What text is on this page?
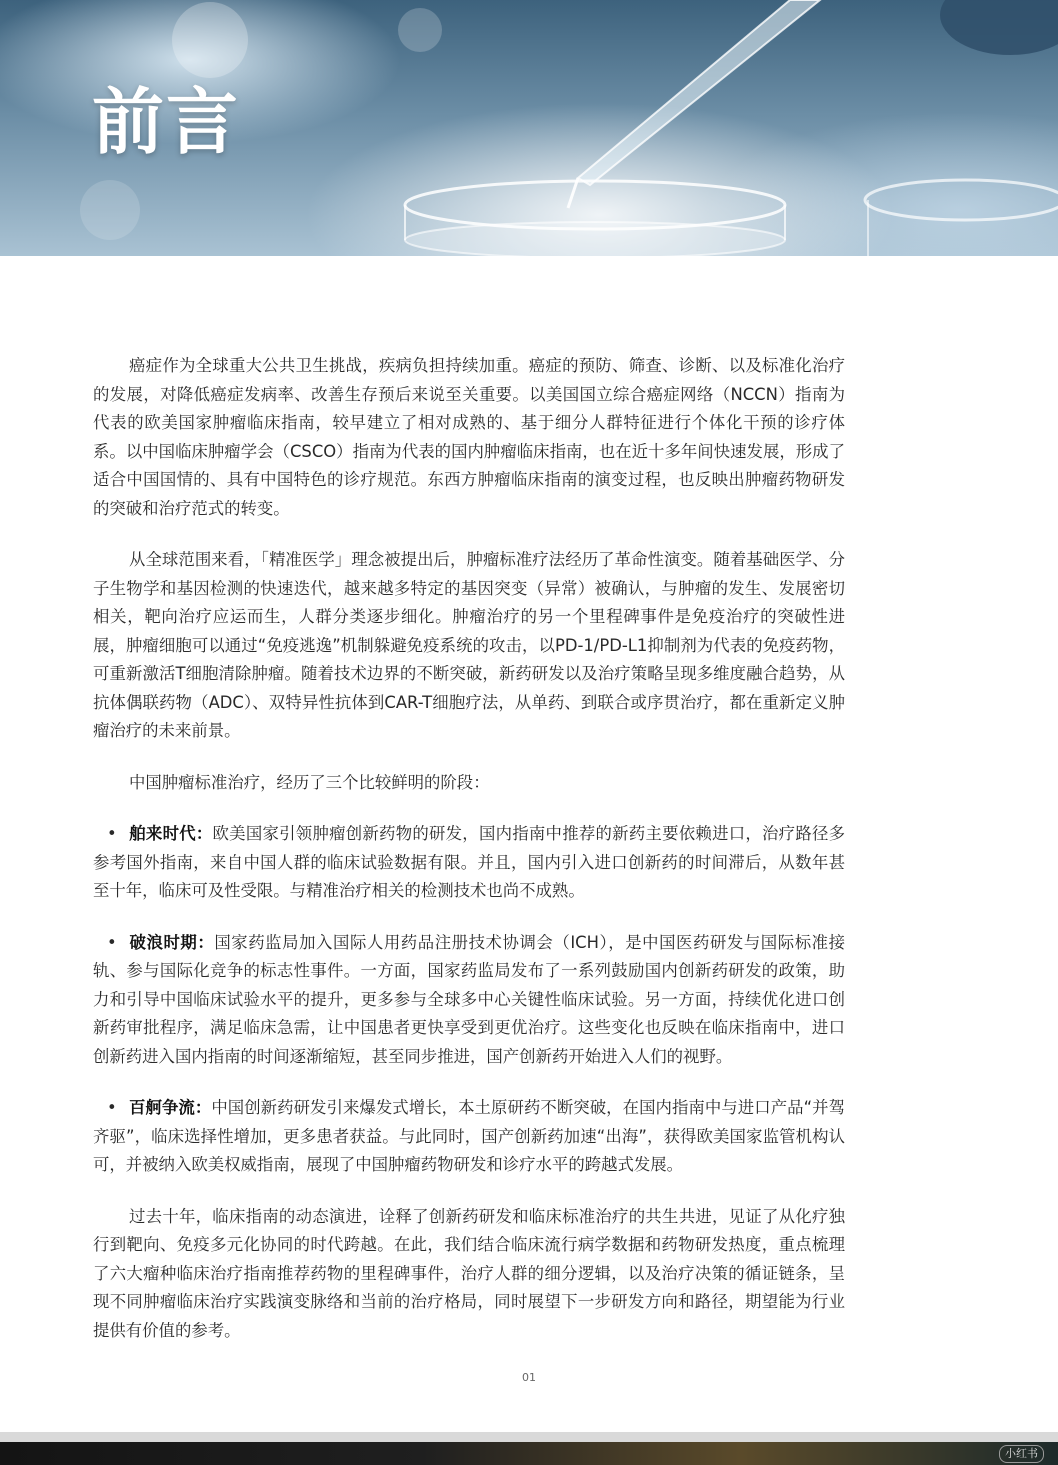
前言

癌症作为全球重大公共卫生挑战，疾病负担持续加重。癌症的预防、筛查、诊断、以及标准化治疗的发展，对降低癌症发病率、改善生存预后来说至关重要。以美国国立综合癌症网络（NCCN）指南为代表的欧美国家肿瘤临床指南，较早建立了相对成熟的、基于细分人群特征进行个体化干预的诊疗体系。以中国临床肿瘤学会（CSCO）指南为代表的国内肿瘤临床指南，也在近十多年间快速发展，形成了适合中国国情的、具有中国特色的诊疗规范。东西方肿瘤临床指南的演变过程，也反映出肿瘤药物研发的突破和治疗范式的转变。

从全球范围来看，「精准医学」理念被提出后，肿瘤标准疗法经历了革命性演变。随着基础医学、分子生物学和基因检测的快速迭代，越来越多特定的基因突变（异常）被确认，与肿瘤的发生、发展密切相关，靶向治疗应运而生，人群分类逐步细化。肿瘤治疗的另一个里程碑事件是免疫治疗的突破性进展，肿瘤细胞可以通过“免疫逃逸”机制躲避免疫系统的攻击，以PD-1/PD-L1抑制剂为代表的免疫药物，可重新激活T细胞清除肿瘤。随着技术边界的不断突破，新药研发以及治疗策略呈现多维度融合趋势，从抗体偶联药物（ADC）、双特异性抗体到CAR-T细胞疗法，从单药、到联合或序贯治疗，都在重新定义肿瘤治疗的未来前景。

中国肿瘤标准治疗，经历了三个比较鲜明的阶段：

• 舶来时代：欧美国家引领肿瘤创新药物的研发，国内指南中推荐的新药主要依赖进口，治疗路径多参考国外指南，来自中国人群的临床试验数据有限。并且，国内引入进口创新药的时间滞后，从数年甚至十年，临床可及性受限。与精准治疗相关的检测技术也尚不成熟。

• 破浪时期：国家药监局加入国际人用药品注册技术协调会（ICH），是中国医药研发与国际标准接轨、参与国际化竞争的标志性事件。一方面，国家药监局发布了一系列鼓励国内创新药研发的政策，助力和引导中国临床试验水平的提升，更多参与全球多中心关键性临床试验。另一方面，持续优化进口创新药审批程序，满足临床急需，让中国患者更快享受到更优治疗。这些变化也反映在临床指南中，进口创新药进入国内指南的时间逐渐缩短，甚至同步推进，国产创新药开始进入人们的视野。

• 百舸争流：中国创新药研发引来爆发式增长，本土原研药不断突破，在国内指南中与进口产品“并驾齐驱”，临床选择性增加，更多患者获益。与此同时，国产创新药加速“出海”，获得欧美国家监管机构认可，并被纳入欧美权威指南，展现了中国肿瘤药物研发和诊疗水平的跨越式发展。

过去十年，临床指南的动态演进，诠释了创新药研发和临床标准治疗的共生共进，见证了从化疗独行到靶向、免疫多元化协同的时代跨越。在此，我们结合临床流行病学数据和药物研发热度，重点梳理了六大瘤种临床治疗指南推荐药物的里程碑事件，治疗人群的细分逻辑，以及治疗决策的循证链条，呈现不同肿瘤临床治疗实践演变脉络和当前的治疗格局，同时展望下一步研发方向和路径，期望能为行业提供有价值的参考。

01
小红书
